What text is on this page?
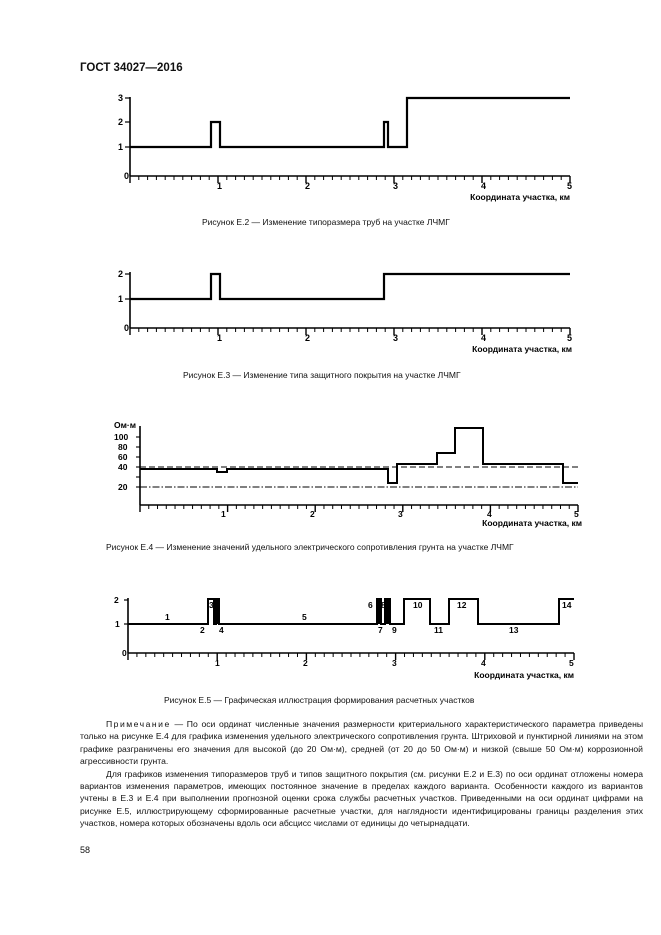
ГОСТ 34027—2016
3
2
1
0
1	2	3	4	5
Координата участка, км
Рисунок Е.2 — Изменение типоразмера труб на участке ЛЧМГ
2
1
0
1	2	3	4	5
Координата участка, км
Рисунок Е.3 — Изменение типа защитного покрытия на участке ЛЧМГ
Ом·м
100
80
60
40
20
1	2	3	4	5
Координата участка, км
Рисунок Е.4 — Изменение значений удельного электрического сопротивления грунта на участке ЛЧМГ
2
1
0
1	2	3	4	5
Координата участка, км
1
2
3
4
5
6
7
8
9
10
11
12
13
14
Рисунок Е.5 — Графическая иллюстрация формирования расчетных участков

Примечание — По оси ординат численные значения размерности критериального характеристического параметра приведены только на рисунке Е.4 для графика изменения удельного электрического сопротивления грунта. Штриховой и пунктирной линиями на этом графике разграничены его значения для высокой (до 20 Ом·м), средней (от 20 до 50 Ом·м) и низкой (свыше 50 Ом·м) коррозионной агрессивности грунта.

Для графиков изменения типоразмеров труб и типов защитного покрытия (см. рисунки Е.2 и Е.3) по оси ординат отложены номера вариантов изменения параметров, имеющих постоянное значение в пределах каждого варианта. Особенности каждого из вариантов учтены в Е.3 и Е.4 при выполнении прогнозной оценки срока службы расчетных участков. Приведенными на оси ординат цифрами на рисунке Е.5, иллюстрирующему сформированные расчетные участки, для наглядности идентифицированы границы разделения этих участков, номера которых обозначены вдоль оси абсцисс числами от единицы до четырнадцати.

58
